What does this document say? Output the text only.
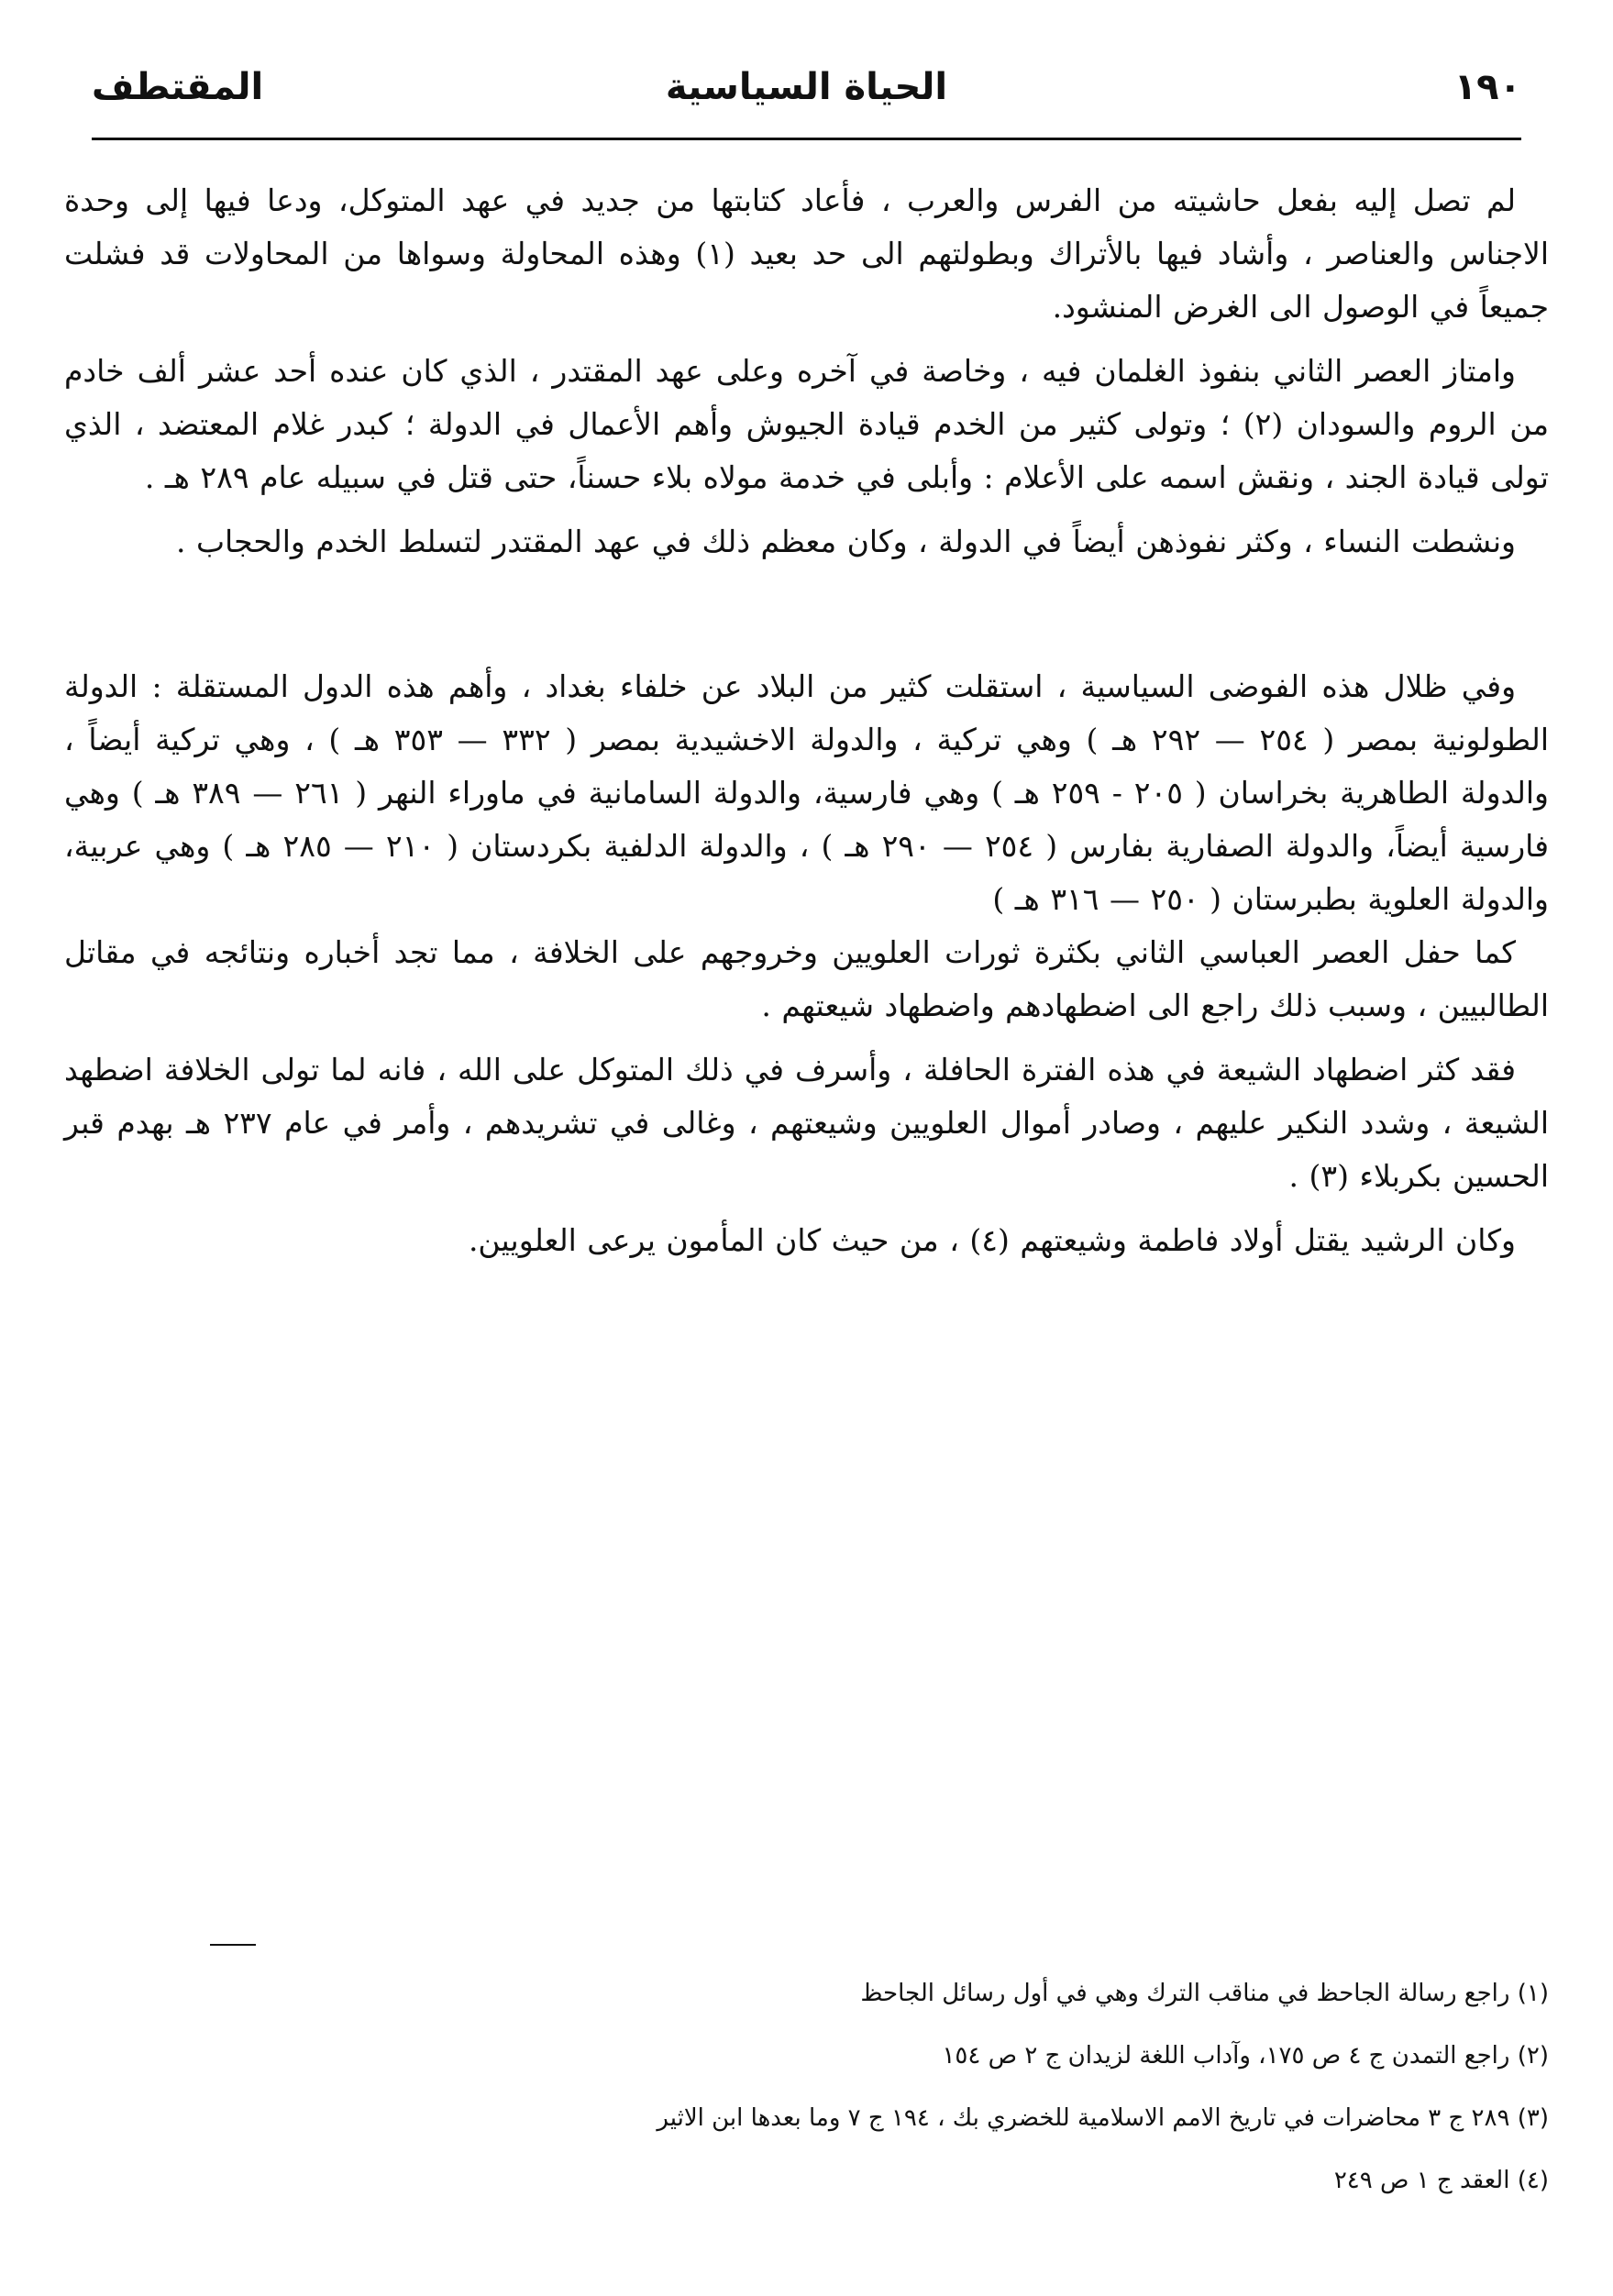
١٩٠
الحياة السياسية
المقتطف

لم تصل إليه بفعل حاشيته من الفرس والعرب ، فأعاد كتابتها من جديد في عهد المتوكل، ودعا فيها إلى وحدة الاجناس والعناصر ، وأشاد فيها بالأتراك وبطولتهم الى حد بعيد (١) وهذه المحاولة وسواها من المحاولات قد فشلت جميعاً في الوصول الى الغرض المنشود.

وامتاز العصر الثاني بنفوذ الغلمان فيه ، وخاصة في آخره وعلى عهد المقتدر ، الذي كان عنده أحد عشر ألف خادم من الروم والسودان (٢) ؛ وتولى كثير من الخدم قيادة الجيوش وأهم الأعمال في الدولة ؛ كبدر غلام المعتضد ، الذي تولى قيادة الجند ، ونقش اسمه على الأعلام : وأبلى في خدمة مولاه بلاء حسناً، حتى قتل في سبيله عام ٢٨٩ هـ .

ونشطت النساء ، وكثر نفوذهن أيضاً في الدولة ، وكان معظم ذلك في عهد المقتدر لتسلط الخدم والحجاب .

وفي ظلال هذه الفوضى السياسية ، استقلت كثير من البلاد عن خلفاء بغداد ، وأهم هذه الدول المستقلة : الدولة الطولونية بمصر ( ٢٥٤ — ٢٩٢ هـ ) وهي تركية ، والدولة الاخشيدية بمصر ( ٣٣٢ — ٣٥٣ هـ ) ، وهي تركية أيضاً ، والدولة الطاهرية بخراسان ( ٢٠٥ - ٢٥٩ هـ ) وهي فارسية، والدولة السامانية في ماوراء النهر ( ٢٦١ — ٣٨٩ هـ ) وهي فارسية أيضاً، والدولة الصفارية بفارس ( ٢٥٤ — ٢٩٠ هـ ) ، والدولة الدلفية بكردستان ( ٢١٠ — ٢٨٥ هـ ) وهي عربية، والدولة العلوية بطبرستان ( ٢٥٠ — ٣١٦ هـ )

كما حفل العصر العباسي الثاني بكثرة ثورات العلويين وخروجهم على الخلافة ، مما تجد أخباره ونتائجه في مقاتل الطالبيين ، وسبب ذلك راجع الى اضطهادهم واضطهاد شيعتهم .

فقد كثر اضطهاد الشيعة في هذه الفترة الحافلة ، وأسرف في ذلك المتوكل على الله ، فانه لما تولى الخلافة اضطهد الشيعة ، وشدد النكير عليهم ، وصادر أموال العلويين وشيعتهم ، وغالى في تشريدهم ، وأمر في عام ٢٣٧ هـ بهدم قبر الحسين بكربلاء (٣) .

وكان الرشيد يقتل أولاد فاطمة وشيعتهم (٤) ، من حيث كان المأمون يرعى العلويين.

(١) راجع رسالة الجاحظ في مناقب الترك وهي في أول رسائل الجاحظ

(٢) راجع التمدن ج ٤ ص ١٧٥، وآداب اللغة لزيدان ج ٢ ص ١٥٤

(٣) ٢٨٩ ج ٣ محاضرات في تاريخ الامم الاسلامية للخضري بك ، ١٩٤ ج ٧ وما بعدها ابن الاثير

(٤) العقد ج ١ ص ٢٤٩
